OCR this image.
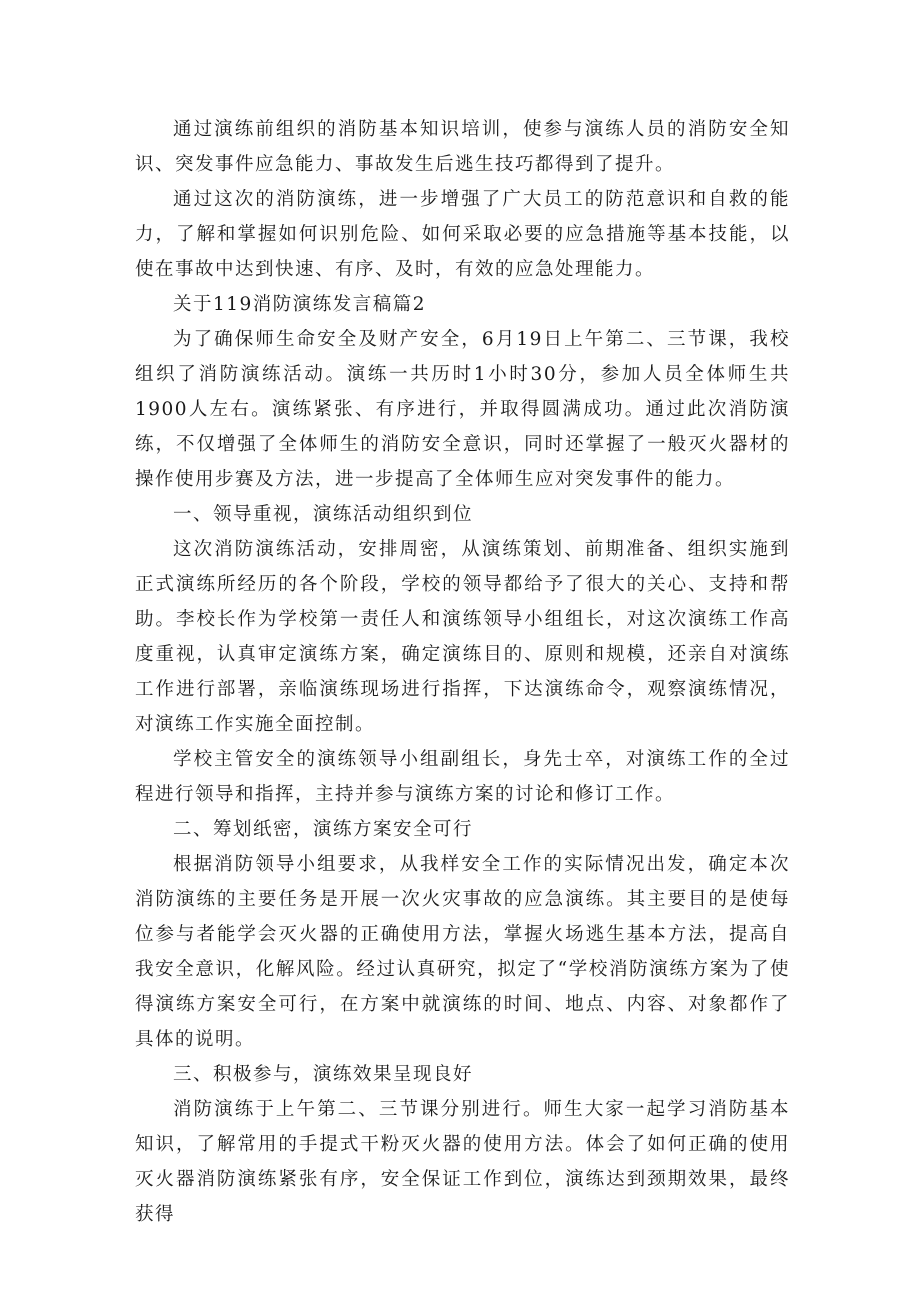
通过演练前组织的消防基本知识培训，使参与演练人员的消防安全知识、突发事件应急能力、事故发生后逃生技巧都得到了提升。

通过这次的消防演练，进一步增强了广大员工的防范意识和自救的能力，了解和掌握如何识别危险、如何采取必要的应急措施等基本技能，以使在事故中达到快速、有序、及时，有效的应急处理能力。

关于119消防演练发言稿篇2

为了确保师生命安全及财产安全，6月19日上午第二、三节课，我校组织了消防演练活动。演练一共历时1小时30分，参加人员全体师生共1900人左右。演练紧张、有序进行，并取得圆满成功。通过此次消防演练，不仅增强了全体师生的消防安全意识，同时还掌握了一般灭火器材的操作使用步赛及方法，进一步提高了全体师生应对突发事件的能力。

一、领导重视，演练活动组织到位

这次消防演练活动，安排周密，从演练策划、前期准备、组织实施到正式演练所经历的各个阶段，学校的领导都给予了很大的关心、支持和帮助。李校长作为学校第一责任人和演练领导小组组长，对这次演练工作高度重视，认真审定演练方案，确定演练目的、原则和规模，还亲自对演练工作进行部署，亲临演练现场进行指挥，下达演练命令，观察演练情况，对演练工作实施全面控制。

学校主管安全的演练领导小组副组长，身先士卒，对演练工作的全过程进行领导和指挥，主持并参与演练方案的讨论和修订工作。

二、筹划纸密，演练方案安全可行

根据消防领导小组要求，从我样安全工作的实际情况出发，确定本次消防演练的主要任务是开展一次火灾事故的应急演练。其主要目的是使每位参与者能学会灭火器的正确使用方法，掌握火场逃生基本方法，提高自我安全意识，化解风险。经过认真研究，拟定了“学校消防演练方案为了使得演练方案安全可行，在方案中就演练的时间、地点、内容、对象都作了具体的说明。

三、积极参与，演练效果呈现良好

消防演练于上午第二、三节课分别进行。师生大家一起学习消防基本知识，了解常用的手提式干粉灭火器的使用方法。体会了如何正确的使用灭火器消防演练紧张有序，安全保证工作到位，演练达到颈期效果，最终获得
